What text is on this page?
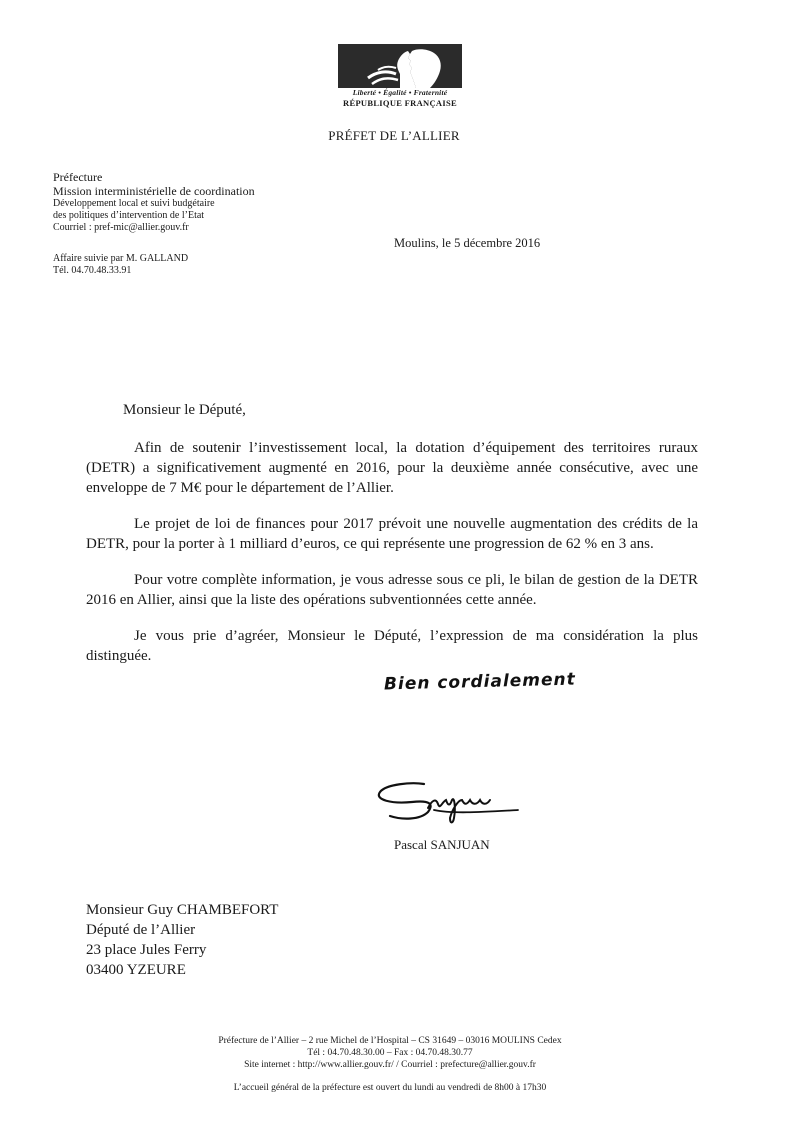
Liberté • Égalité • Fraternité
RÉPUBLIQUE FRANÇAISE
PRÉFET DE L’ALLIER
Préfecture
Mission interministérielle de coordination
Développement local et suivi budgétaire
des politiques d’intervention de l’Etat
Courriel : pref-mic@allier.gouv.fr
Moulins, le 5 décembre 2016
Affaire suivie par M. GALLAND
Tél. 04.70.48.33.91

Monsieur le Député,

Afin de soutenir l’investissement local, la dotation d’équipement des territoires ruraux (DETR) a significativement augmenté en 2016, pour la deuxième année consécutive, avec une enveloppe de 7 M€ pour le département de l’Allier.

Le projet de loi de finances pour 2017 prévoit une nouvelle augmentation des crédits de la DETR, pour la porter à 1 milliard d’euros, ce qui représente une progression de 62 % en 3 ans.

Pour votre complète information, je vous adresse sous ce pli, le bilan de gestion de la DETR 2016 en Allier, ainsi que la liste des opérations subventionnées cette année.

Je vous prie d’agréer, Monsieur le Député, l’expression de ma considération la plus distinguée.

Bien cordialement
Pascal SANJUAN
Monsieur Guy CHAMBEFORT
Député de l’Allier
23 place Jules Ferry
03400 YZEURE
Préfecture de l’Allier – 2 rue Michel de l’Hospital – CS 31649 – 03016 MOULINS Cedex
Tél : 04.70.48.30.00 – Fax : 04.70.48.30.77
Site internet : http://www.allier.gouv.fr/ / Courriel : prefecture@allier.gouv.fr
L’accueil général de la préfecture est ouvert du lundi au vendredi de 8h00 à 17h30
